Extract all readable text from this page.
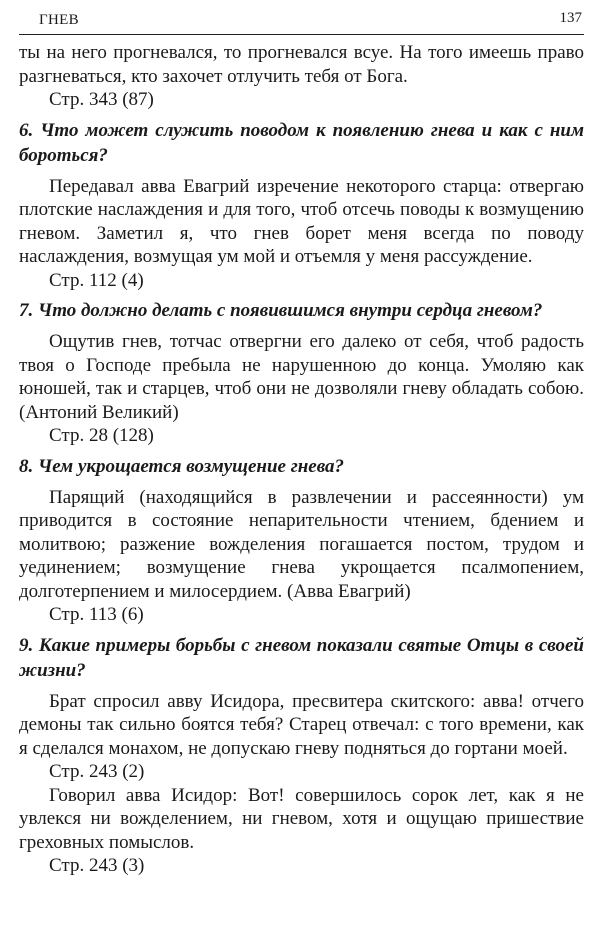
ГНЕВ	137

ты на него прогневался, то прогневался всуе. На того имеешь право разгневаться, кто захочет отлучить тебя от Бога.

Стр. 343 (87)

6. Что может служить поводом к появлению гнева и как с ним бороться?

Передавал авва Евагрий изречение некоторого старца: отвергаю плотские наслаждения и для того, чтоб отсечь поводы к возмущению гневом. Заметил я, что гнев борет меня всегда по поводу наслаждения, возмущая ум мой и отъемля у меня рассуждение.

Стр. 112 (4)

7. Что должно делать с появившимся внутри сердца гневом?

Ощутив гнев, тотчас отвергни его далеко от себя, чтоб радость твоя о Господе пребыла не нарушенною до конца. Умоляю как юношей, так и старцев, чтоб они не дозволяли гневу обладать собою. (Антоний Великий)

Стр. 28 (128)

8. Чем укрощается возмущение гнева?

Парящий (находящийся в развлечении и рассеянности) ум приводится в состояние непарительности чтением, бдением и молитвою; разжение вожделения погашается постом, трудом и уединением; возмущение гнева укрощается псалмопением, долготерпением и милосердием. (Авва Евагрий)

Стр. 113 (6)

9. Какие примеры борьбы с гневом показали святые Отцы в своей жизни?

Брат спросил авву Исидора, пресвитера скитского: авва! отчего демоны так сильно боятся тебя? Старец отвечал: с того времени, как я сделался монахом, не допускаю гневу подняться до гортани моей.

Стр. 243 (2)

Говорил авва Исидор: Вот! совершилось сорок лет, как я не увлекся ни вожделением, ни гневом, хотя и ощущаю пришествие греховных помыслов.

Стр. 243 (3)
